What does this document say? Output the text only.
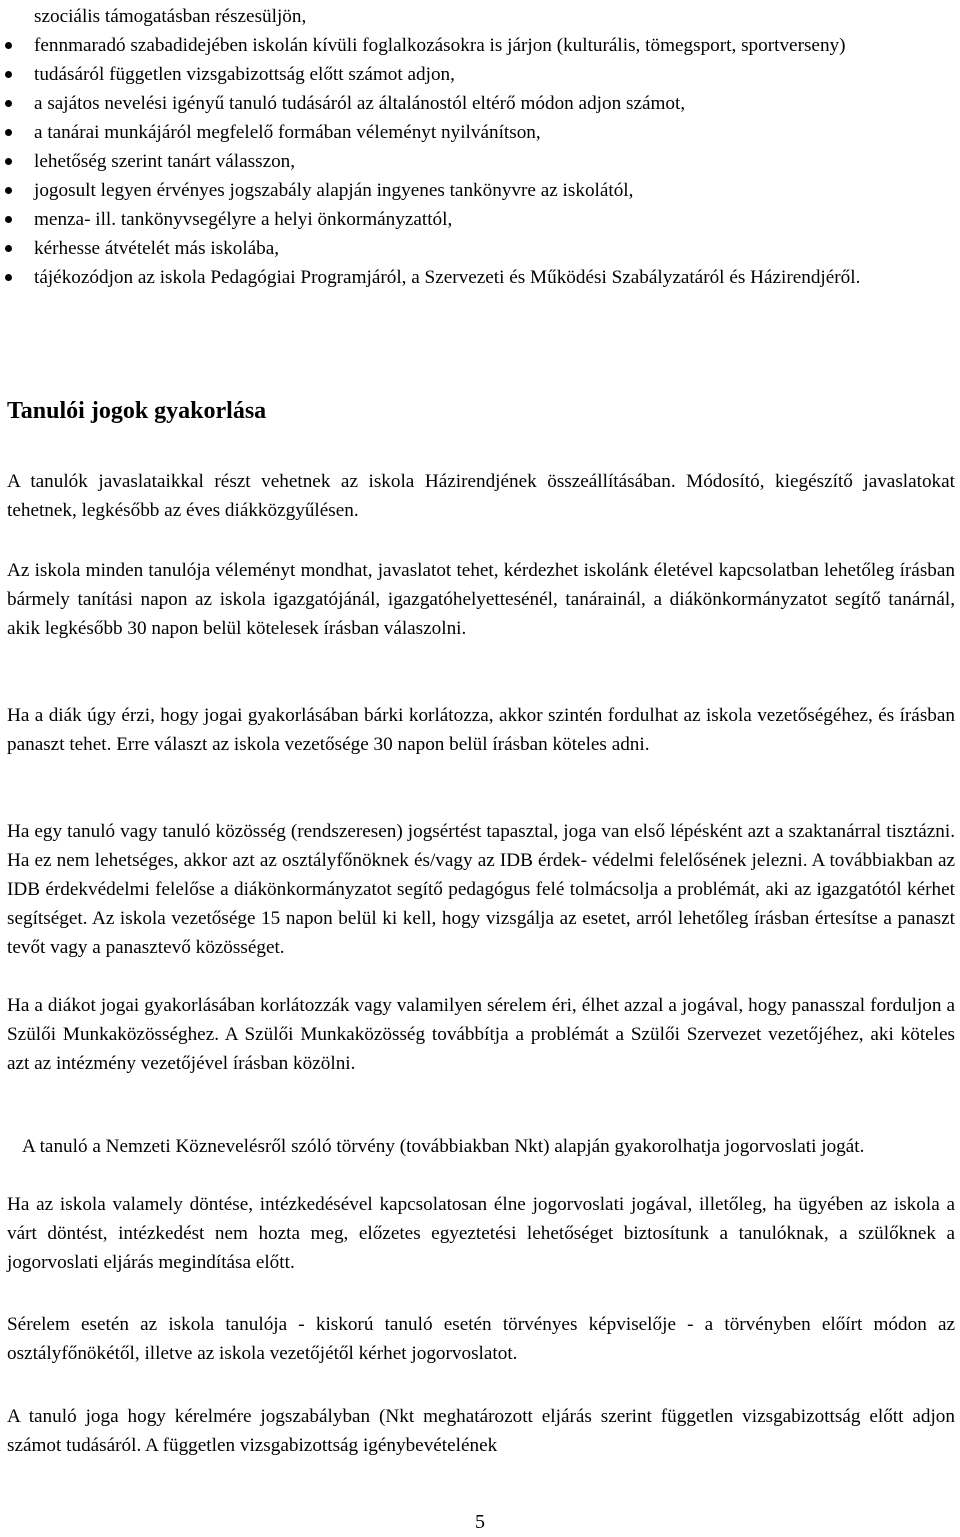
szociális támogatásban részesüljön,

fennmaradó szabadidejében iskolán kívüli foglalkozásokra is járjon (kulturális, tömegsport, sportverseny)
tudásáról független vizsgabizottság előtt számot adjon,
a sajátos nevelési igényű tanuló tudásáról az általánostól eltérő módon adjon számot,
a tanárai munkájáról megfelelő formában véleményt nyilvánítson,
lehetőség szerint tanárt válasszon,
jogosult legyen érvényes jogszabály alapján ingyenes tankönyvre az iskolától,
menza- ill. tankönyvsegélyre a helyi önkormányzattól,
kérhesse átvételét más iskolába,
tájékozódjon az iskola Pedagógiai Programjáról, a Szervezeti és Működési Szabályzatáról és Házirendjéről.
Tanulói jogok gyakorlása

A tanulók javaslataikkal részt vehetnek az iskola Házirendjének összeállításában. Módosító, kiegészítő javaslatokat tehetnek, legkésőbb az éves diákközgyűlésen.

Az iskola minden tanulója véleményt mondhat, javaslatot tehet, kérdezhet iskolánk életével kapcsolatban lehetőleg írásban bármely tanítási napon az iskola igazgatójánál, igazgatóhelyettesénél, tanárainál, a diákönkormányzatot segítő tanárnál, akik legkésőbb 30 napon belül kötelesek írásban válaszolni.

Ha a diák úgy érzi, hogy jogai gyakorlásában bárki korlátozza, akkor szintén fordulhat az iskola vezetőségéhez, és írásban panaszt tehet. Erre választ az iskola vezetősége 30 napon belül írásban köteles adni.

Ha egy tanuló vagy tanuló közösség (rendszeresen) jogsértést tapasztal, joga van első lépésként azt a szaktanárral tisztázni. Ha ez nem lehetséges, akkor azt az osztályfőnöknek és/vagy az IDB érdek- védelmi felelősének jelezni. A továbbiakban az IDB érdekvédelmi felelőse a diákönkormányzatot segítő pedagógus felé tolmácsolja a problémát, aki az igazgatótól kérhet segítséget. Az iskola vezetősége 15 napon belül ki kell, hogy vizsgálja az esetet, arról lehetőleg írásban értesítse a panaszt tevőt vagy a panasztevő közösséget.

Ha a diákot jogai gyakorlásában korlátozzák vagy valamilyen sérelem éri, élhet azzal a jogával, hogy panasszal forduljon a Szülői Munkaközösséghez. A Szülői Munkaközösség továbbítja a problémát a Szülői Szervezet vezetőjéhez, aki köteles azt az intézmény vezetőjével írásban közölni.

A tanuló a Nemzeti Köznevelésről szóló törvény (továbbiakban Nkt) alapján gyakorolhatja jogorvoslati jogát.

Ha az iskola valamely döntése, intézkedésével kapcsolatosan élne jogorvoslati jogával, illetőleg, ha ügyében az iskola a várt döntést, intézkedést nem hozta meg, előzetes egyeztetési lehetőséget biztosítunk a tanulóknak, a szülőknek a jogorvoslati eljárás megindítása előtt.

Sérelem esetén az iskola tanulója - kiskorú tanuló esetén törvényes képviselője - a törvényben előírt módon az osztályfőnökétől, illetve az iskola vezetőjétől kérhet jogorvoslatot.

A tanuló joga hogy kérelmére jogszabályban (Nkt meghatározott eljárás szerint független vizsgabizottság előtt adjon számot tudásáról. A független vizsgabizottság igénybevételének

5
